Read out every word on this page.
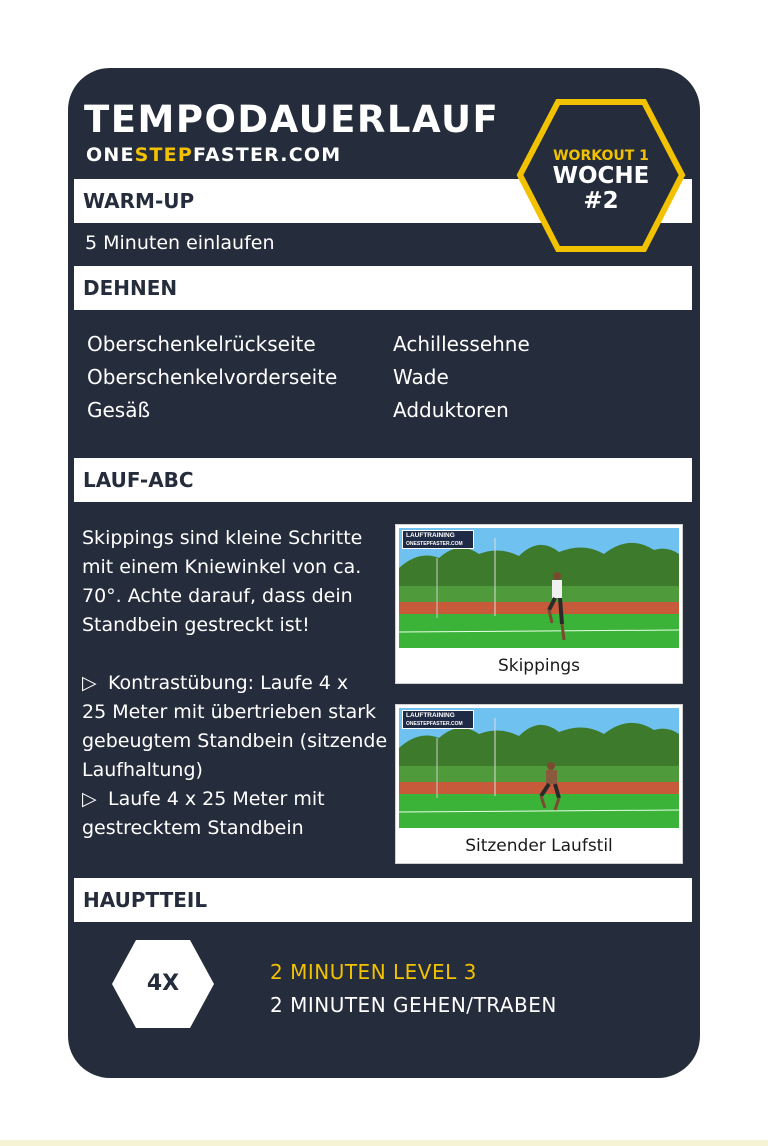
TEMPODAUERLAUF
ONESTEPFASTER.COM
WARM-UP
5 Minuten einlaufen
WORKOUT 1
WOCHE
#2
DEHNEN
Oberschenkelrückseite
Oberschenkelvorderseite
Gesäß
Achillessehne
Wade
Adduktoren
LAUF-ABC

Skippings sind kleine Schritte

mit einem Kniewinkel von ca.

70°. Achte darauf, dass dein

Standbein gestreckt ist!

▷ Kontrastübung: Laufe 4 x

25 Meter mit übertrieben stark

gebeugtem Standbein (sitzende

Laufhaltung)

▷ Laufe 4 x 25 Meter mit

gestrecktem Standbein

LAUFTRAINING
ONESTEPFASTER.COM
Skippings
LAUFTRAINING
ONESTEPFASTER.COM
Sitzender Laufstil
HAUPTTEIL
4X	2 MINUTEN LEVEL 3
2 MINUTEN GEHEN/TRABEN
